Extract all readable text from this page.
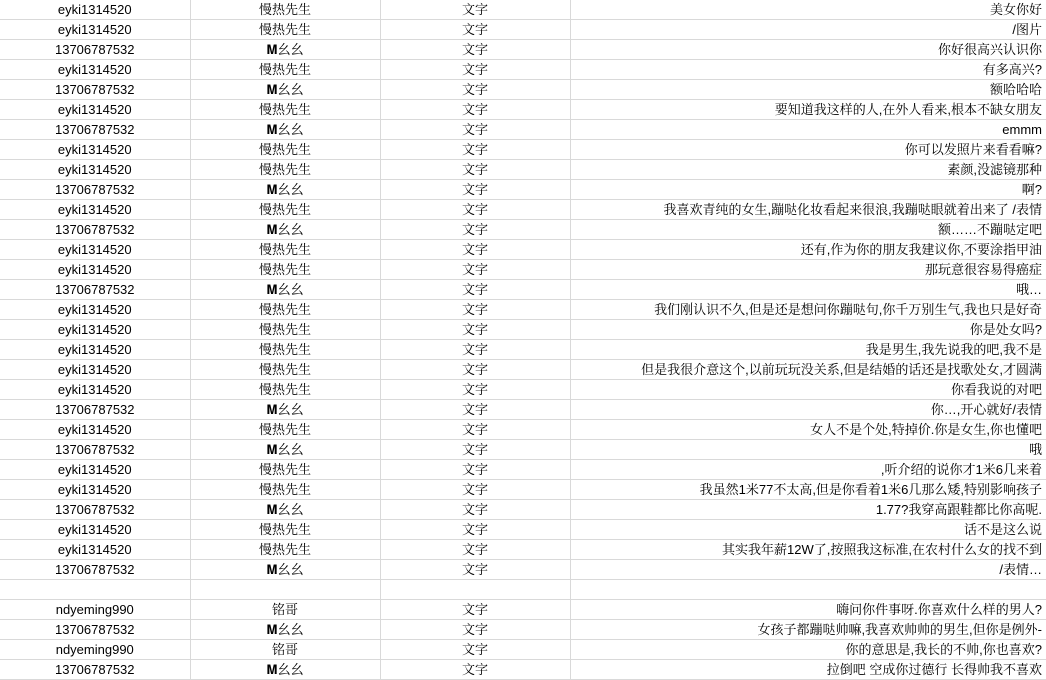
eyki1314520	慢热先生	文字	美女你好
eyki1314520	慢热先生	文字	/图片
13706787532	𝐌幺幺	文字	你好很高兴认识你
eyki1314520	慢热先生	文字	有多高兴?
13706787532	𝐌幺幺	文字	额哈哈哈
eyki1314520	慢热先生	文字	要知道我这样的人,在外人看来,根本不缺女朋友
13706787532	𝐌幺幺	文字	emmm
eyki1314520	慢热先生	文字	你可以发照片来看看嘛?
eyki1314520	慢热先生	文字	素颜,没滤镜那种
13706787532	𝐌幺幺	文字	啊?
eyki1314520	慢热先生	文字	我喜欢青纯的女生,蹦哒化妆看起来很浪,我蹦哒眼就着出来了 /表情
13706787532	𝐌幺幺	文字	额……不蹦哒定吧
eyki1314520	慢热先生	文字	还有,作为你的朋友我建议你,不要涂指甲油
eyki1314520	慢热先生	文字	那玩意很容易得癌症
13706787532	𝐌幺幺	文字	哦…
eyki1314520	慢热先生	文字	我们刚认识不久,但是还是想问你蹦哒句,你千万别生气,我也只是好奇
eyki1314520	慢热先生	文字	你是处女吗?
eyki1314520	慢热先生	文字	我是男生,我先说我的吧,我不是
eyki1314520	慢热先生	文字	但是我很介意这个,以前玩玩没关系,但是结婚的话还是找歌处女,才圆满
eyki1314520	慢热先生	文字	你看我说的对吧
13706787532	𝐌幺幺	文字	你…,开心就好/表情
eyki1314520	慢热先生	文字	女人不是个处,特掉价.你是女生,你也懂吧
13706787532	𝐌幺幺	文字	哦
eyki1314520	慢热先生	文字	,听介绍的说你才1米6几来着
eyki1314520	慢热先生	文字	我虽然1米77不太高,但是你看着1米6几那么矮,特别影响孩子
13706787532	𝐌幺幺	文字	1.77?我穿高跟鞋都比你高呢.
eyki1314520	慢热先生	文字	话不是这么说
eyki1314520	慢热先生	文字	其实我年薪12W了,按照我这标准,在农村什么女的找不到
13706787532	𝐌幺幺	文字	/表情…

ndyeming990	铭哥	文字	嗨问你件事呀.你喜欢什么样的男人?
13706787532	𝐌幺幺	文字	女孩子都蹦哒帅嘛,我喜欢帅帅的男生,但你是例外-
ndyeming990	铭哥	文字	你的意思是,我长的不帅,你也喜欢?
13706787532	𝐌幺幺	文字	拉倒吧 空成你过德行 长得帅我不喜欢
